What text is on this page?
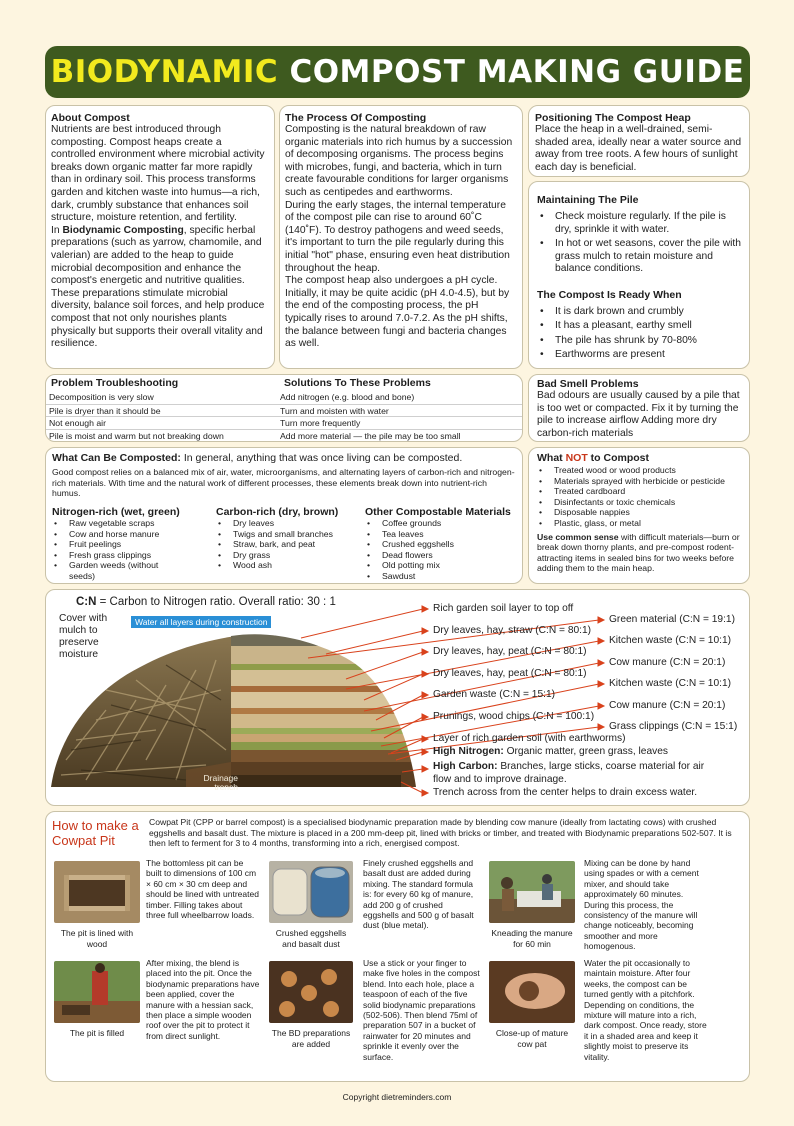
BIODYNAMIC COMPOST MAKING GUIDE
About Compost

Nutrients are best introduced through composting. Compost heaps create a controlled environment where microbial activity breaks down organic matter far more rapidly than in ordinary soil. This process transforms garden and kitchen waste into humus—a rich, dark, crumbly substance that enhances soil structure, moisture retention, and fertility.

In Biodynamic Composting, specific herbal preparations (such as yarrow, chamomile, and valerian) are added to the heap to guide microbial decomposition and enhance the compost's energetic and nutritive qualities. These preparations stimulate microbial diversity, balance soil forces, and help produce compost that not only nourishes plants physically but supports their overall vitality and resilience.

The Process Of Composting

Composting is the natural breakdown of raw organic materials into rich humus by a succession of decomposing organisms. The process begins with microbes, fungi, and bacteria, which in turn create favourable conditions for larger organisms such as centipedes and earthworms.

During the early stages, the internal temperature of the compost pile can rise to around 60˚C (140˚F). To destroy pathogens and weed seeds, it's important to turn the pile regularly during this initial "hot" phase, ensuring even heat distribution throughout the heap.

The compost heap also undergoes a pH cycle. Initially, it may be quite acidic (pH 4.0-4.5), but by the end of the composting process, the pH typically rises to around 7.0-7.2. As the pH shifts, the balance between fungi and bacteria changes as well.

Positioning The Compost Heap
Place the heap in a well-drained, semi-shaded area, ideally near a water source and away from tree roots. A few hours of sunlight each day is beneficial.
Maintaining The Pile
• Check moisture regularly. If the pile is dry, sprinkle it with water.
• In hot or wet seasons, cover the pile with grass mulch to retain moisture and balance conditions.
The Compost Is Ready When
• It is dark brown and crumbly
• It has a pleasant, earthy smell
• The pile has shrunk by 70-80%
• Earthworms are present
Problem Troubleshooting	Solutions To These Problems
Decomposition is very slow	Add nitrogen (e.g. blood and bone)
Pile is dryer than it should be	Turn and moisten with water
Not enough air	Turn more frequently
Pile is moist and warm but not breaking down	Add more material — the pile may be too small
Bad Smell Problems
Bad odours are usually caused by a pile that is too wet or compacted. Fix it by turning the pile to increase airflow Adding more dry carbon-rich materials
What Can Be Composted: In general, anything that was once living can be composted.
Good compost relies on a balanced mix of air, water, microorganisms, and alternating layers of carbon-rich and nitrogen-rich materials. With time and the natural work of different processes, these elements break down into nutrient-rich humus.
Nitrogen-rich (wet, green)
• Raw vegetable scraps
• Cow and horse manure
• Fruit peelings
• Fresh grass clippings
• Garden weeds (without seeds)
Carbon-rich (dry, brown)
• Dry leaves
• Twigs and small branches
• Straw, bark, and peat
• Dry grass
• Wood ash
Other Compostable Materials
• Coffee grounds
• Tea leaves
• Crushed eggshells
• Dead flowers
• Old potting mix
• Sawdust
What NOT to Compost
• Treated wood or wood products
• Materials sprayed with herbicide or pesticide
• Treated cardboard
• Disinfectants or toxic chemicals
• Disposable nappies
• Plastic, glass, or metal
Use common sense with difficult materials—burn or break down thorny plants, and pre-compost rodent-attracting items in sealed bins for two weeks before adding them to the main heap.
C:N = Carbon to Nitrogen ratio. Overall ratio: 30 : 1
Cover with mulch to preserve moisture
Water all layers during construction
Drainage trench
Rich garden soil layer to top off
Dry leaves, hay, straw (C:N = 80:1)
Dry leaves, hay, peat (C:N = 80:1)
Dry leaves, hay, peat (C:N = 80:1)
Garden waste (C:N = 15:1)
Prunings, wood chips (C:N = 100:1)
Layer of rich garden soil (with earthworms)
High Nitrogen: Organic matter, green grass, leaves
High Carbon: Branches, large sticks, coarse material for air flow and to improve drainage.
Trench across from the center helps to drain excess water.
Green material (C:N = 19:1)
Kitchen waste (C:N = 10:1)
Cow manure (C:N = 20:1)
Kitchen waste (C:N = 10:1)
Cow manure (C:N = 20:1)
Grass clippings (C:N = 15:1)
How to make a Cowpat Pit
Cowpat Pit (CPP or barrel compost) is a specialised biodynamic preparation made by blending cow manure (ideally from lactating cows) with crushed eggshells and basalt dust. The mixture is placed in a 200 mm-deep pit, lined with bricks or timber, and treated with Biodynamic preparations 502-507. It is then left to ferment for 3 to 4 months, transforming into a rich, energised compost.
The pit is lined with wood
The bottomless pit can be built to dimensions of 100 cm × 60 cm × 30 cm deep and should be lined with untreated timber. Filling takes about three full wheelbarrow loads.
Crushed eggshells and basalt dust
Finely crushed eggshells and basalt dust are added during mixing. The standard formula is: for every 60 kg of manure, add 200 g of crushed eggshells and 500 g of basalt dust (blue metal).
Kneading the manure for 60 min
Mixing can be done by hand using spades or with a cement mixer, and should take approximately 60 minutes. During this process, the consistency of the manure will change noticeably, becoming smoother and more homogenous.
The pit is filled
After mixing, the blend is placed into the pit. Once the biodynamic preparations have been applied, cover the manure with a hessian sack, then place a simple wooden roof over the pit to protect it from direct sunlight.	The BD preparations are added
Use a stick or your finger to make five holes in the compost blend. Into each hole, place a teaspoon of each of the five solid biodynamic preparations (502-506). Then blend 75ml of preparation 507 in a bucket of rainwater for 20 minutes and sprinkle it evenly over the surface.
Close-up of mature cow pat
Water the pit occasionally to maintain moisture. After four weeks, the compost can be turned gently with a pitchfork. Depending on conditions, the mixture will mature into a rich, dark compost. Once ready, store it in a shaded area and keep it slightly moist to preserve its vitality.
Copyright dietreminders.com
